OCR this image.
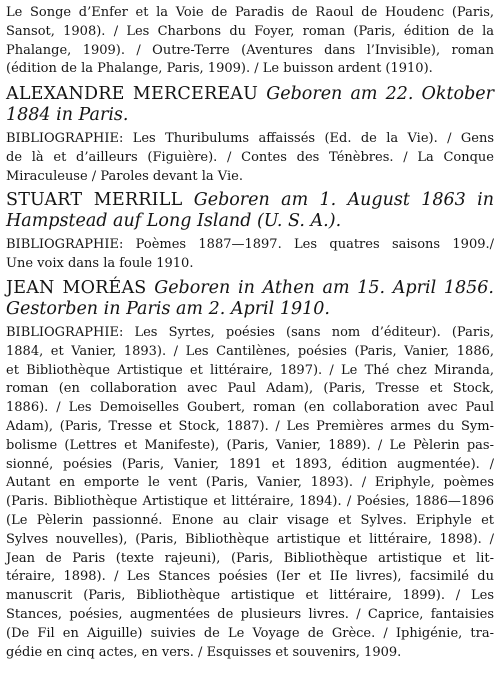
Le Songe d’Enfer et la Voie de Paradis de Raoul de Houdenc (Paris,
Sansot, 1908). / Les Charbons du Foyer, roman (Paris, édition de la
Phalange, 1909). / Outre-Terre (Aventures dans l’Invisible), roman
(édition de la Phalange, Paris, 1909). / Le buisson ardent (1910).
ALEXANDRE MERCEREAU Geboren am 22. Oktober
1884 in Paris.
BIBLIOGRAPHIE: Les Thuribulums affaissés (Ed. de la Vie). / Gens
de là et d’ailleurs (Figuière). / Contes des Ténèbres. / La Conque
Miraculeuse / Paroles devant la Vie.
STUART MERRILL Geboren am 1. August 1863 in
Hampstead auf Long Island (U. S. A.).
BIBLIOGRAPHIE: Poèmes 1887—1897. Les quatres saisons 1909./
Une voix dans la foule 1910.
JEAN MORÉAS Geboren in Athen am 15. April 1856.
Gestorben in Paris am 2. April 1910.
BIBLIOGRAPHIE: Les Syrtes, poésies (sans nom d’éditeur). (Paris,
1884, et Vanier, 1893). / Les Cantilènes, poésies (Paris, Vanier, 1886,
et Bibliothèque Artistique et littéraire, 1897). / Le Thé chez Miranda,
roman (en collaboration avec Paul Adam), (Paris, Tresse et Stock,
1886). / Les Demoiselles Goubert, roman (en collaboration avec Paul
Adam), (Paris, Tresse et Stock, 1887). / Les Premières armes du Sym-
bolisme (Lettres et Manifeste), (Paris, Vanier, 1889). / Le Pèlerin pas-
sionné, poésies (Paris, Vanier, 1891 et 1893, édition augmentée). /
Autant en emporte le vent (Paris, Vanier, 1893). / Eriphyle, poèmes
(Paris. Bibliothèque Artistique et littéraire, 1894). / Poésies, 1886—1896
(Le Pèlerin passionné. Enone au clair visage et Sylves. Eriphyle et
Sylves nouvelles), (Paris, Bibliothèque artistique et littéraire, 1898). /
Jean de Paris (texte rajeuni), (Paris, Bibliothèque artistique et lit-
téraire, 1898). / Les Stances poésies (Ier et IIe livres), facsimilé du
manuscrit (Paris, Bibliothèque artistique et littéraire, 1899). / Les
Stances, poésies, augmentées de plusieurs livres. / Caprice, fantaisies
(De Fil en Aiguille) suivies de Le Voyage de Grèce. / Iphigénie, tra-
gédie en cinq actes, en vers. / Esquisses et souvenirs, 1909.
